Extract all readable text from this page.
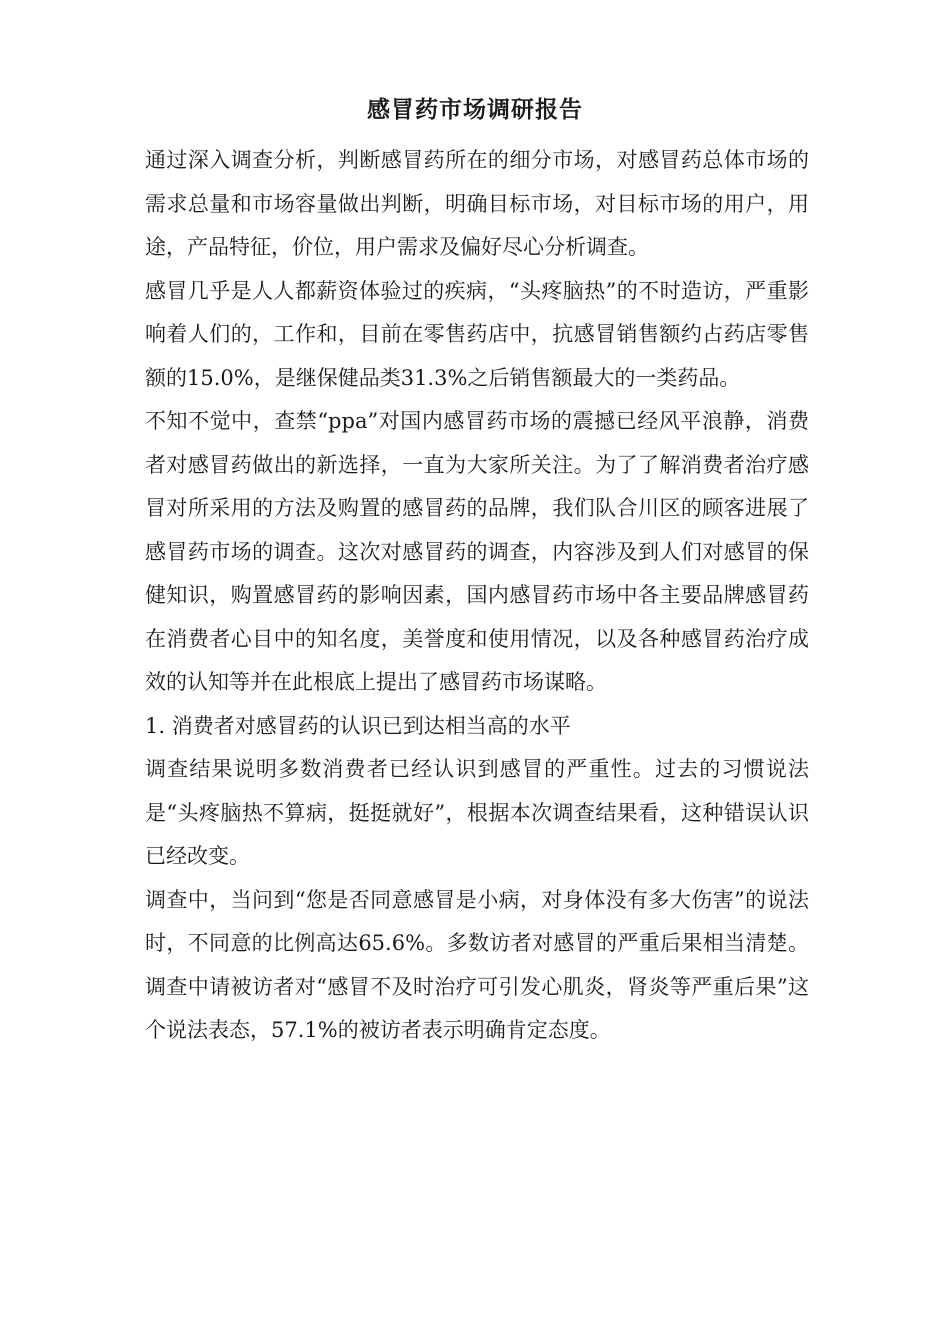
感冒药市场调研报告

通过深入调查分析，判断感冒药所在的细分市场，对感冒药总体市场的需求总量和市场容量做出判断，明确目标市场，对目标市场的用户，用途，产品特征，价位，用户需求及偏好尽心分析调查。

感冒几乎是人人都薪资体验过的疾病，“头疼脑热”的不时造访，严重影响着人们的，工作和，目前在零售药店中，抗感冒销售额约占药店零售额的15.0%，是继保健品类31.3%之后销售额最大的一类药品。

不知不觉中，查禁“ppa”对国内感冒药市场的震撼已经风平浪静，消费者对感冒药做出的新选择，一直为大家所关注。为了了解消费者治疗感冒对所采用的方法及购置的感冒药的品牌，我们队合川区的顾客进展了感冒药市场的调查。这次对感冒药的调查，内容涉及到人们对感冒的保健知识，购置感冒药的影响因素，国内感冒药市场中各主要品牌感冒药在消费者心目中的知名度，美誉度和使用情况，以及各种感冒药治疗成效的认知等并在此根底上提出了感冒药市场谋略。

1. 消费者对感冒药的认识已到达相当高的水平

调查结果说明多数消费者已经认识到感冒的严重性。过去的习惯说法是“头疼脑热不算病，挺挺就好”，根据本次调查结果看，这种错误认识已经改变。

调查中，当问到“您是否同意感冒是小病，对身体没有多大伤害”的说法时，不同意的比例高达65.6%。多数访者对感冒的严重后果相当清楚。调查中请被访者对“感冒不及时治疗可引发心肌炎，肾炎等严重后果”这个说法表态，57.1%的被访者表示明确肯定态度。
